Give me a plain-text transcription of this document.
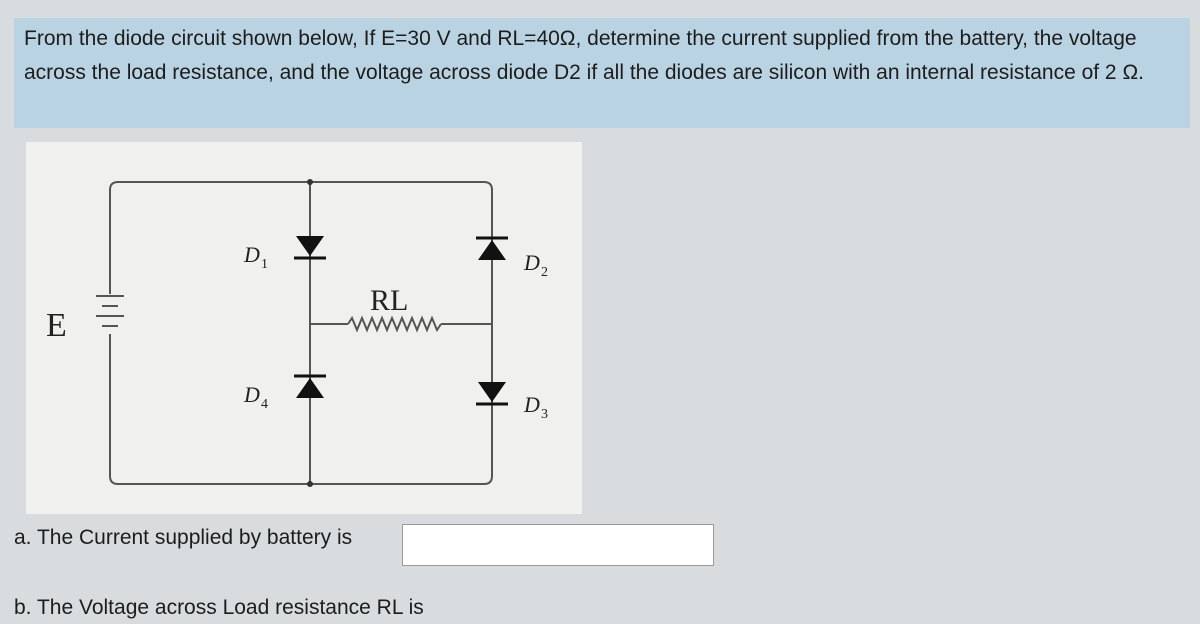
From the diode circuit shown below, If E=30 V and RL=40Ω, determine the current supplied from the battery, the voltage across the load resistance, and the voltage across diode D2 if all the diodes are silicon with an internal resistance of 2 Ω.
E
D 1
D 4
D 2
D 3
RL
a. The Current supplied by battery is
b. The Voltage across Load resistance RL is
